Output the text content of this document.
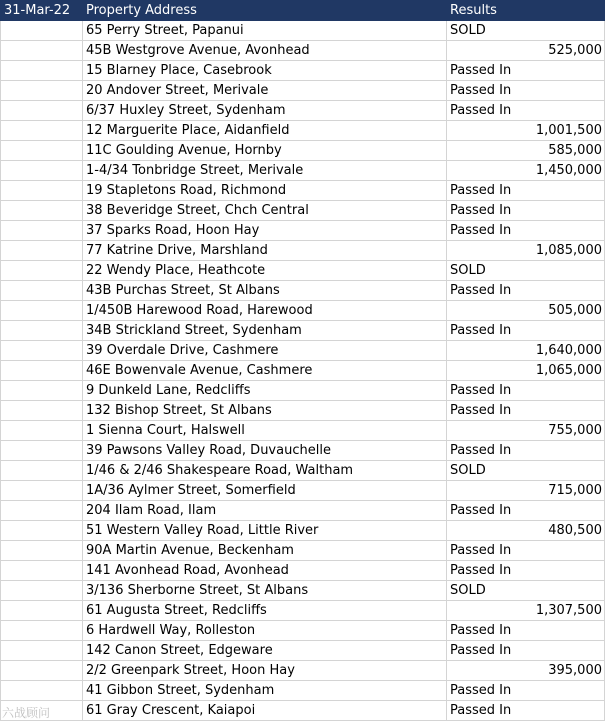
31-Mar-22	Property Address	Results
	65 Perry Street, Papanui	SOLD
	45B Westgrove Avenue, Avonhead	525,000
	15 Blarney Place, Casebrook	Passed In
	20 Andover Street, Merivale	Passed In
	6/37 Huxley Street, Sydenham	Passed In
	12 Marguerite Place, Aidanfield	1,001,500
	11C Goulding Avenue, Hornby	585,000
	1-4/34 Tonbridge Street, Merivale	1,450,000
	19 Stapletons Road, Richmond	Passed In
	38 Beveridge Street, Chch Central	Passed In
	37 Sparks Road, Hoon Hay	Passed In
	77 Katrine Drive, Marshland	1,085,000
	22 Wendy Place, Heathcote	SOLD
	43B Purchas Street, St Albans	Passed In
	1/450B Harewood Road, Harewood	505,000
	34B Strickland Street, Sydenham	Passed In
	39 Overdale Drive, Cashmere	1,640,000
	46E Bowenvale Avenue, Cashmere	1,065,000
	9 Dunkeld Lane, Redcliffs	Passed In
	132 Bishop Street, St Albans	Passed In
	1 Sienna Court, Halswell	755,000
	39 Pawsons Valley Road, Duvauchelle	Passed In
	1/46 & 2/46 Shakespeare Road, Waltham	SOLD
	1A/36 Aylmer Street, Somerfield	715,000
	204 Ilam Road, Ilam	Passed In
	51 Western Valley Road, Little River	480,500
	90A Martin Avenue, Beckenham	Passed In
	141 Avonhead Road, Avonhead	Passed In
	3/136 Sherborne Street, St Albans	SOLD
	61 Augusta Street, Redcliffs	1,307,500
	6 Hardwell Way, Rolleston	Passed In
	142 Canon Street, Edgeware	Passed In
	2/2 Greenpark Street, Hoon Hay	395,000
	41 Gibbon Street, Sydenham	Passed In
	61 Gray Crescent, Kaiapoi	Passed In
六战顾问
